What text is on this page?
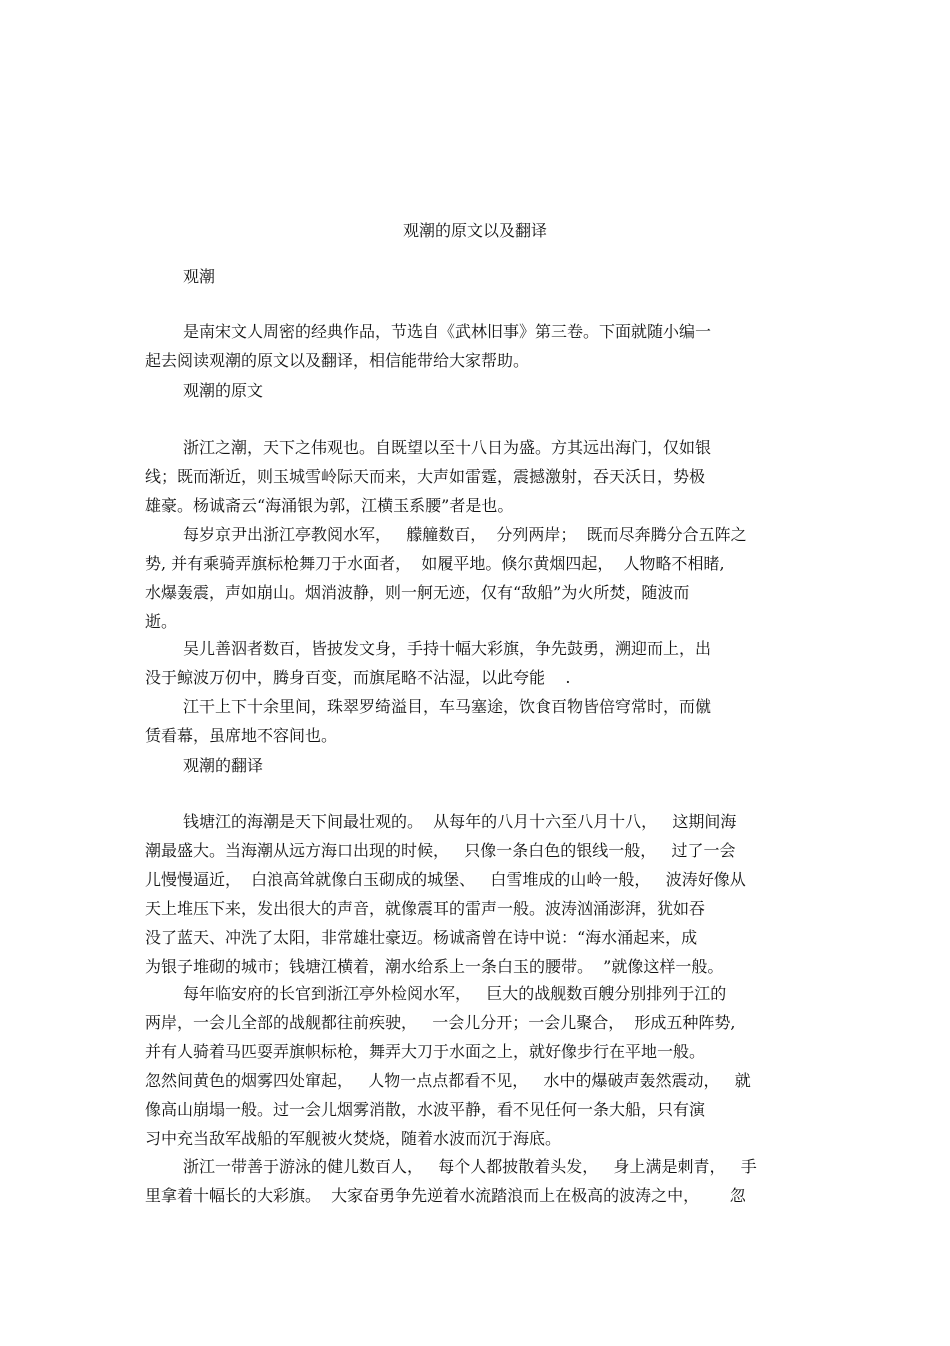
观潮的原文以及翻译
观潮
是南宋文人周密的经典作品，节选自《武林旧事》第三卷。下面就随小编一
起去阅读观潮的原文以及翻译，相信能带给大家帮助。
观潮的原文
浙江之潮，天下之伟观也。自既望以至十八日为盛。方其远出海门，仅如银
线；既而渐近，则玉城雪岭际天而来，大声如雷霆，震撼激射，吞天沃日，势极
雄豪。杨诚斋云“海涌银为郭，江横玉系腰”者是也。
每岁京尹出浙江亭教阅水军，   艨艟数百，  分列两岸；  既而尽奔腾分合五阵之
势, 并有乘骑弄旗标枪舞刀于水面者，  如履平地。倏尔黄烟四起，  人物略不相睹,
水爆轰震，声如崩山。烟消波静，则一舸无迹，仅有“敌船”为火所焚，随波而
逝。
吴儿善泅者数百，皆披发文身，手持十幅大彩旗，争先鼓勇，溯迎而上，出
没于鲸波万仞中，腾身百变，而旗尾略不沾湿，以此夸能    .
江干上下十余里间，珠翠罗绮溢目，车马塞途，饮食百物皆倍穹常时，而僦
赁看幕，虽席地不容间也。
观潮的翻译
钱塘江的海潮是天下间最壮观的。  从每年的八月十六至八月十八，   这期间海
潮最盛大。当海潮从远方海口出现的时候，   只像一条白色的银线一般，   过了一会
儿慢慢逼近，  白浪高耸就像白玉砌成的城堡、   白雪堆成的山岭一般，   波涛好像从
天上堆压下来，发出很大的声音，就像震耳的雷声一般。波涛汹涌澎湃，犹如吞
没了蓝天、冲洗了太阳，非常雄壮豪迈。杨诚斋曾在诗中说：“海水涌起来，成
为银子堆砌的城市；钱塘江横着，潮水给系上一条白玉的腰带。  ”就像这样一般。
每年临安府的长官到浙江亭外检阅水军，   巨大的战舰数百艘分别排列于江的
两岸，一会儿全部的战舰都往前疾驶，   一会儿分开；一会儿聚合，  形成五种阵势,
并有人骑着马匹耍弄旗帜标枪，舞弄大刀于水面之上，就好像步行在平地一般。
忽然间黄色的烟雾四处窜起，   人物一点点都看不见，   水中的爆破声轰然震动，   就
像高山崩塌一般。过一会儿烟雾消散，水波平静，看不见任何一条大船，只有演
习中充当敌军战船的军舰被火焚烧，随着水波而沉于海底。
浙江一带善于游泳的健儿数百人，   每个人都披散着头发，   身上满是刺青，   手
里拿着十幅长的大彩旗。  大家奋勇争先逆着水流踏浪而上在极高的波涛之中，      忽
